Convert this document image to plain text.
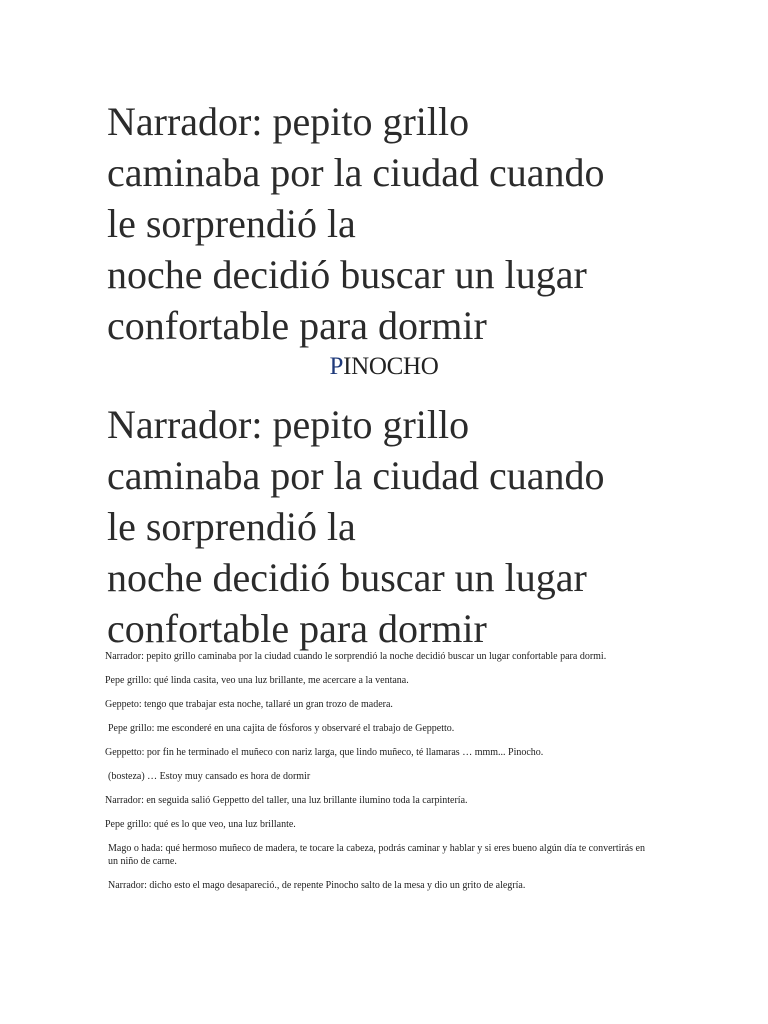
Narrador: pepito grillo
caminaba por la ciudad cuando
le sorprendió la
noche decidió buscar un lugar
confortable para dormir
PINOCHO
Narrador: pepito grillo
caminaba por la ciudad cuando
le sorprendió la
noche decidió buscar un lugar
confortable para dormir

Narrador: pepito grillo caminaba por la ciudad cuando le sorprendió la noche decidió buscar un lugar confortable para dormi.

Pepe grillo: qué linda casita, veo una luz brillante, me acercare a la ventana.

Geppeto: tengo que trabajar esta noche, tallaré un gran trozo de madera.

Pepe grillo: me esconderé en una cajita de fósforos y observaré el trabajo de Geppetto.

Geppetto: por fin he terminado el muñeco con nariz larga, que lindo muñeco, té llamaras … mmm... Pinocho.

(bosteza) … Estoy muy cansado es hora de dormir

Narrador: en seguida salió Geppetto del taller, una luz brillante ilumino toda la carpintería.

Pepe grillo: qué es lo que veo, una luz brillante.

Mago o hada: qué hermoso muñeco de madera, te tocare la cabeza, podrás caminar y hablar y si eres bueno algún día te convertirás en un niño de carne.

Narrador: dicho esto el mago desapareció., de repente Pinocho salto de la mesa y dio un grito de alegría.
